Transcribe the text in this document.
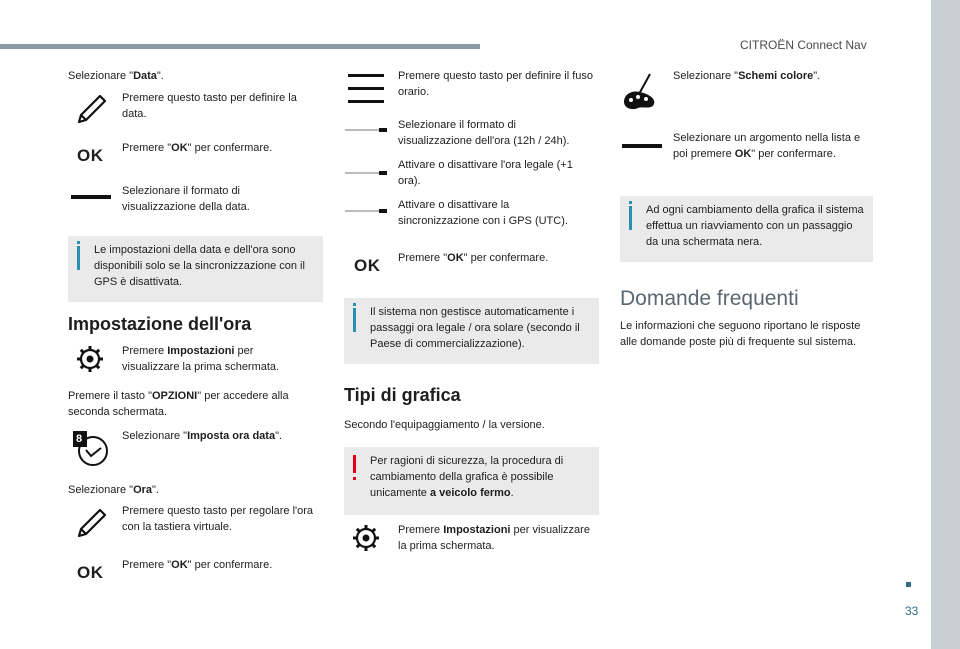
CITROËN Connect Nav
33
Selezionare "Data".
Premere questo tasto per definire la data.
OK Premere "OK" per confermare.
Selezionare il formato di visualizzazione della data.
Le impostazioni della data e dell'ora sono disponibili solo se la sincronizzazione con il GPS è disattivata.
Impostazione dell'ora
Premere Impostazioni per visualizzare la prima schermata.
Premere il tasto "OPZIONI" per accedere alla seconda schermata.
8	Selezionare "Imposta ora data".
Selezionare "Ora".
Premere questo tasto per regolare l'ora con la tastiera virtuale.
OK Premere "OK" per confermare.
Premere questo tasto per definire il fuso orario.
Selezionare il formato di visualizzazione dell'ora (12h / 24h).
Attivare o disattivare l'ora legale (+1 ora).
Attivare o disattivare la sincronizzazione con i GPS (UTC).
OK Premere "OK" per confermare.
Il sistema non gestisce automaticamente i passaggi ora legale / ora solare (secondo il Paese di commercializzazione).
Tipi di grafica
Secondo l'equipaggiamento / la versione.
Per ragioni di sicurezza, la procedura di cambiamento della grafica è possibile unicamente a veicolo fermo.
Premere Impostazioni per visualizzare la prima schermata.
Selezionare "Schemi colore".
Selezionare un argomento nella lista e poi premere OK" per confermare.
Ad ogni cambiamento della grafica il sistema effettua un riavviamento con un passaggio da una schermata nera.
Domande frequenti
Le informazioni che seguono riportano le risposte alle domande poste più di frequente sul sistema.
